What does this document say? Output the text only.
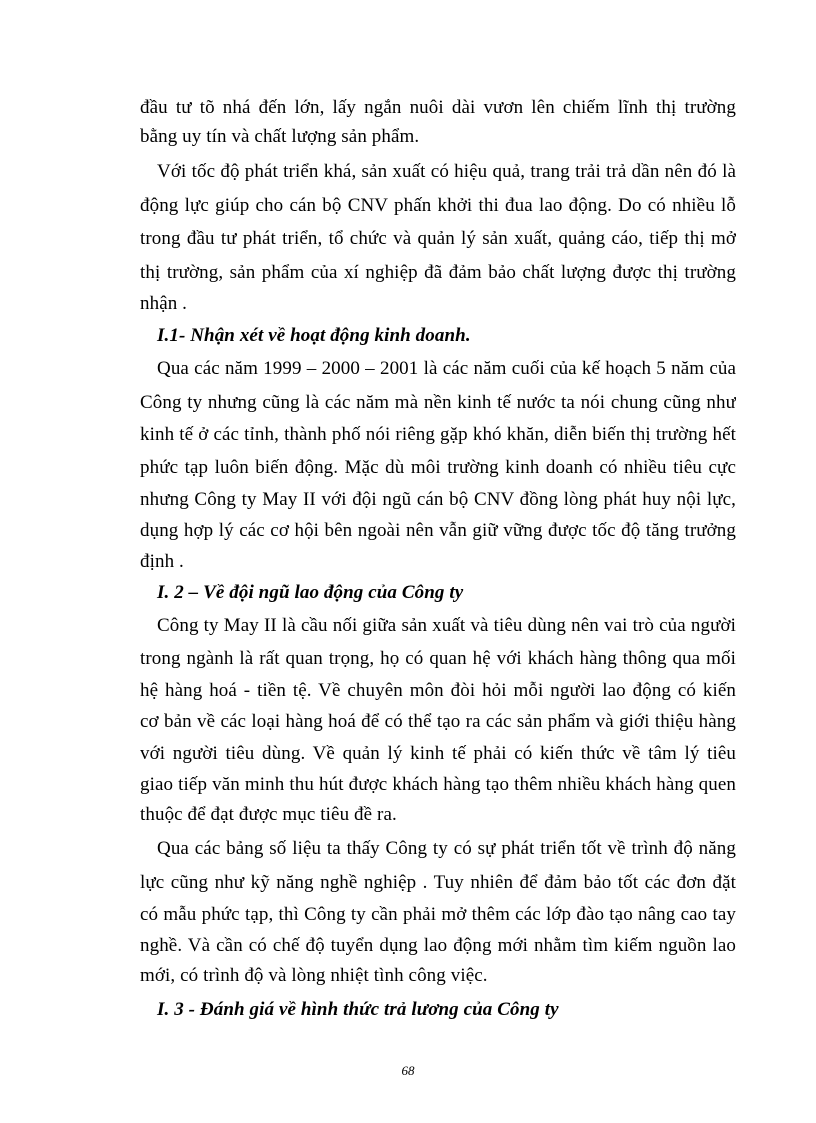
đầu tư tõ nhá đến lớn, lấy ngắn nuôi dài vươn lên chiếm lĩnh thị trường
bằng uy tín và chất lượng sản phẩm.
Với tốc độ phát triển khá, sản xuất có hiệu quả, trang trải trả dần nên đó là
động lực giúp cho cán bộ CNV phấn khởi thi đua lao động. Do có nhiều lỗ
trong đầu tư phát triển, tổ chức và quản lý sản xuất, quảng cáo, tiếp thị mở
thị trường, sản phẩm của xí nghiệp đã đảm bảo chất lượng được thị trường
nhận .
I.1- Nhận xét về hoạt động kinh doanh.
Qua các năm 1999 – 2000 – 2001 là các năm cuối của kế hoạch 5 năm của
Công ty nhưng cũng là các năm mà nền kinh tế nước ta nói chung cũng như
kinh tế ở các tỉnh, thành phố nói riêng gặp khó khăn, diễn biến thị trường hết
phức tạp luôn biến động. Mặc dù môi trường kinh doanh có nhiều tiêu cực
nhưng Công ty May II với đội ngũ cán bộ CNV đồng lòng phát huy nội lực,
dụng hợp lý các cơ hội bên ngoài nên vẫn giữ vững được tốc độ tăng trưởng
định .
I. 2 – Về đội ngũ lao động của Công ty
Công ty May II là cầu nối giữa sản xuất và tiêu dùng nên vai trò của người
trong ngành là rất quan trọng, họ có quan hệ với khách hàng thông qua mối
hệ hàng hoá - tiền tệ. Về chuyên môn đòi hỏi mỗi người lao động có kiến
cơ bản về các loại hàng hoá để có thể tạo ra các sản phẩm và giới thiệu hàng
với người tiêu dùng. Về quản lý kinh tế phải có kiến thức về tâm lý tiêu
giao tiếp văn minh thu hút được khách hàng tạo thêm nhiều khách hàng quen
thuộc để đạt được mục tiêu đề ra.
Qua các bảng số liệu ta thấy Công ty có sự phát triển tốt về trình độ năng
lực cũng như kỹ năng nghề nghiệp . Tuy nhiên để đảm bảo tốt các đơn đặt
có mẫu phức tạp, thì Công ty cần phải mở thêm các lớp đào tạo nâng cao tay
nghề. Và cần có chế độ tuyển dụng lao động mới nhằm tìm kiếm nguồn lao
mới, có trình độ và lòng nhiệt tình công việc.
I. 3 - Đánh giá về hình thức trả lương của Công ty
68
